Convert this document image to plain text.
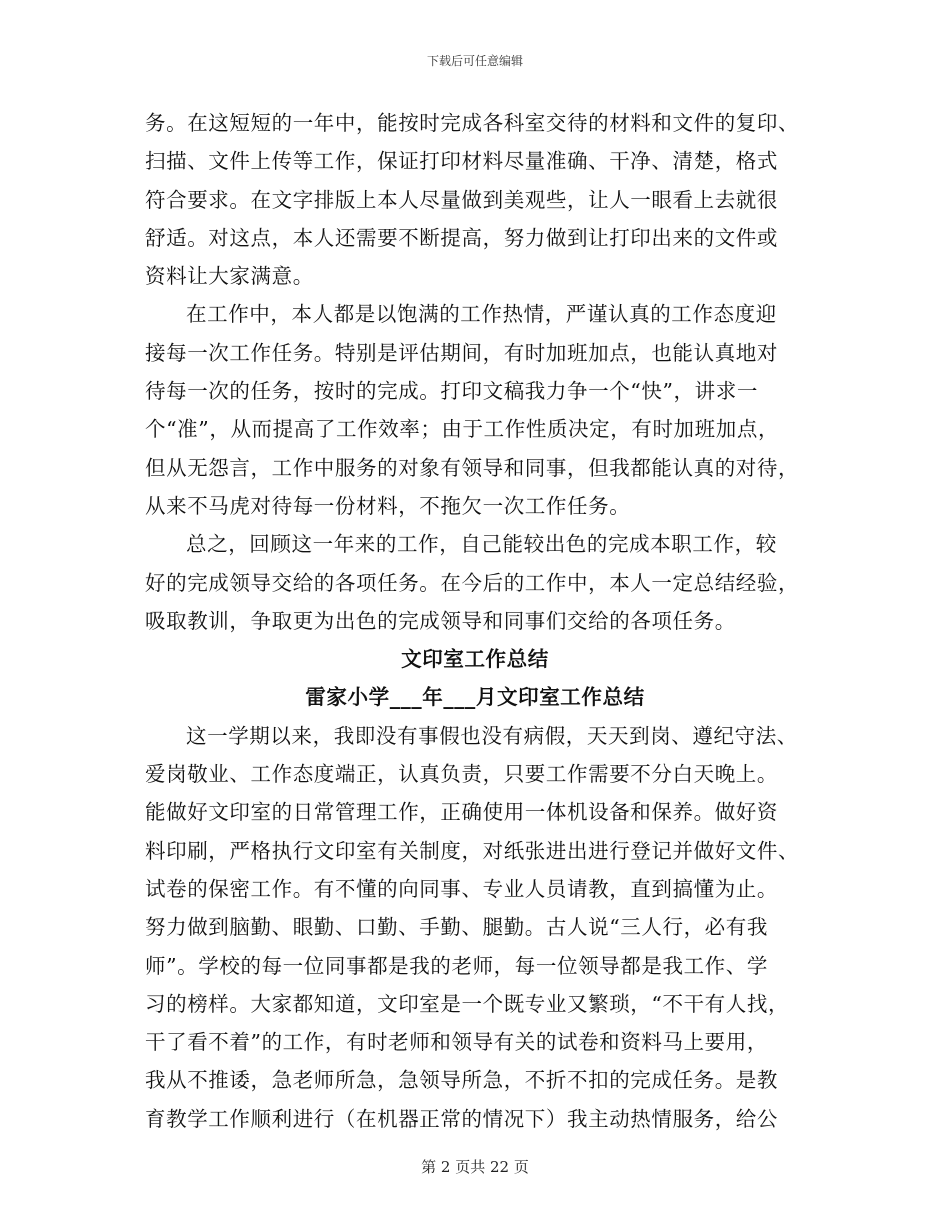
下载后可任意编辑
务。在这短短的一年中，能按时完成各科室交待的材料和文件的复印、
扫描、文件上传等工作，保证打印材料尽量准确、干净、清楚，格式
符合要求。在文字排版上本人尽量做到美观些，让人一眼看上去就很
舒适。对这点，本人还需要不断提高，努力做到让打印出来的文件或
资料让大家满意。
在工作中，本人都是以饱满的工作热情，严谨认真的工作态度迎
接每一次工作任务。特别是评估期间，有时加班加点，也能认真地对
待每一次的任务，按时的完成。打印文稿我力争一个“快”，讲求一
个“准”，从而提高了工作效率；由于工作性质决定，有时加班加点，
但从无怨言，工作中服务的对象有领导和同事，但我都能认真的对待，
从来不马虎对待每一份材料，不拖欠一次工作任务。
总之，回顾这一年来的工作，自己能较出色的完成本职工作，较
好的完成领导交给的各项任务。在今后的工作中，本人一定总结经验，
吸取教训，争取更为出色的完成领导和同事们交给的各项任务。
文印室工作总结
雷家小学___年___月文印室工作总结
这一学期以来，我即没有事假也没有病假，天天到岗、遵纪守法、
爱岗敬业、工作态度端正，认真负责，只要工作需要不分白天晚上。
能做好文印室的日常管理工作，正确使用一体机设备和保养。做好资
料印刷，严格执行文印室有关制度，对纸张进出进行登记并做好文件、
试卷的保密工作。有不懂的向同事、专业人员请教，直到搞懂为止。
努力做到脑勤、眼勤、口勤、手勤、腿勤。古人说“三人行，必有我
师”。学校的每一位同事都是我的老师，每一位领导都是我工作、学
习的榜样。大家都知道，文印室是一个既专业又繁琐，“不干有人找，
干了看不着”的工作，有时老师和领导有关的试卷和资料马上要用，
我从不推诿，急老师所急，急领导所急，不折不扣的完成任务。是教
育教学工作顺利进行（在机器正常的情况下）我主动热情服务，给公
第 2 页共 22 页
